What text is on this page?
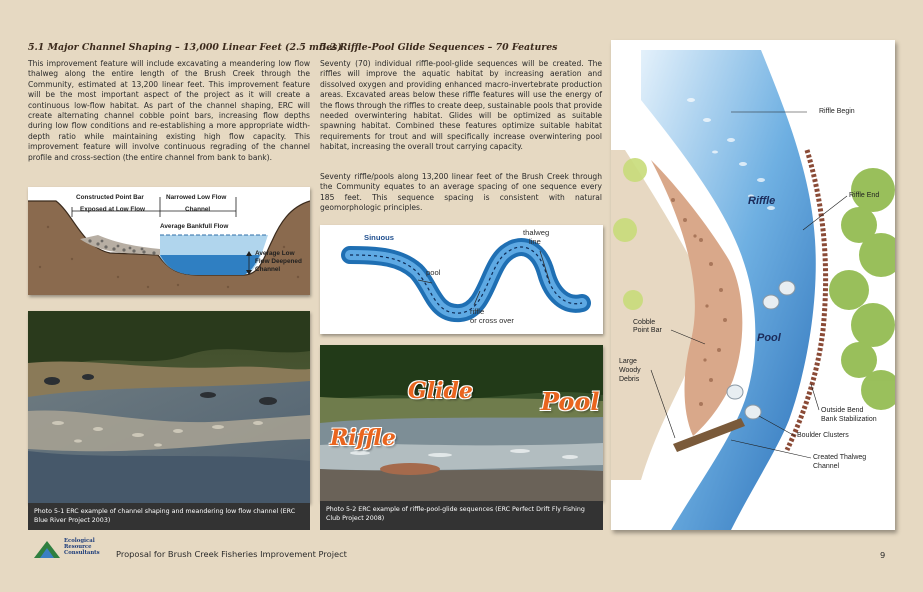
5.1 Major Channel Shaping – 13,000 Linear Feet (2.5 miles)
This improvement feature will include excavating a meandering low flow thalweg along the entire length of the Brush Creek through the Community, estimated at 13,200 linear feet. This improvement feature will be the most important aspect of the project as it will create a continuous low-flow habitat. As part of the channel shaping, ERC will create alternating channel cobble point bars, increasing flow depths during low flow conditions and re-establishing a more appropriate width-depth ratio while maintaining existing high flow capacity. This improvement feature will involve continuous regrading of the channel profile and cross-section (the entire channel from bank to bank).
5.2 Riffle-Pool Glide Sequences – 70 Features
Seventy (70) individual riffle-pool-glide sequences will be created. The riffles will improve the aquatic habitat by increasing aeration and dissolved oxygen and providing enhanced macro-invertebrate production areas. Excavated areas below these riffle features will use the energy of the flows through the riffles to create deep, sustainable pools that provide needed overwintering habitat. Glides will be optimized as suitable spawning habitat. Combined these features optimize suitable habitat requirements for trout and will specifically increase overwintering pool habitat, increasing the overall trout carrying capacity.
Seventy riffle/pools along 13,200 linear feet of the Brush Creek through the Community equates to an average spacing of one sequence every 185 feet. This sequence spacing is consistent with natural geomorphologic principles.
Constructed Point Bar
Exposed at Low Flow
Narrowed Low Flow
Channel
Average Bankfull Flow
Average Low
Flow Deepened
Channel
Sinuous
thalweg
line
pool
riffle
or cross over
Photo 5-1 ERC example of channel shaping and meandering low flow channel (ERC Blue River Project 2003)
Glide	Pool
Riffle
Photo 5-2 ERC example of riffle-pool-glide sequences (ERC Perfect Drift Fly Fishing Club Project 2008)
Riffle Begin
Riffle End
Riffle
Pool
Cobble
Point Bar
Large
Woody
Debris
Outside Bend
Bank Stabilization
Boulder Clusters
Created Thalweg
Channel
Ecological
Resource
Consultants Proposal for Brush Creek Fisheries Improvement Project	9
